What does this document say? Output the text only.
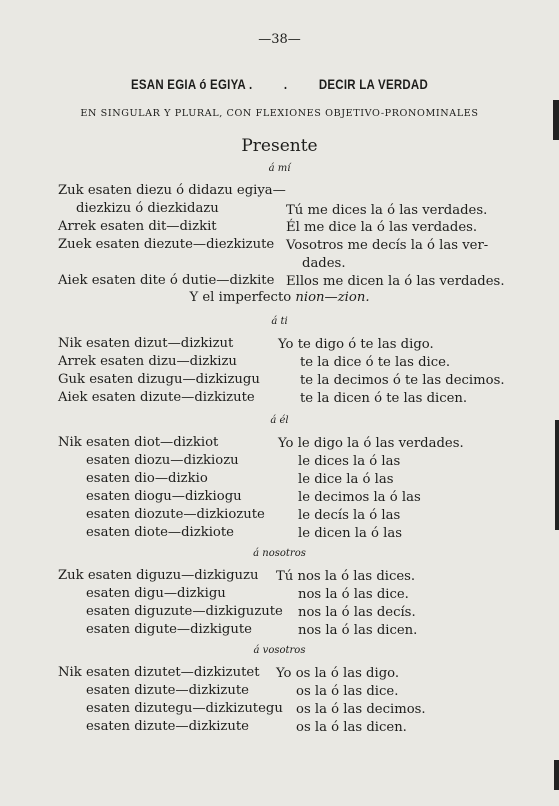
—38—
ESAN EGIA ó EGIYA . . DECIR LA VERDAD
EN SINGULAR Y PLURAL, CON FLEXIONES OBJETIVO-PRONOMINALES
Presente
á mí
Zuk esaten diezu ó didazu egiya—
diezkizu ó diezkidazu
Arrek esaten dit—dizkit
Zuek esaten diezute—diezkizute
Aiek esaten dite ó dutie—dizkite
Tú me dices la ó las verdades.
Él me dice la ó las verdades.
Vosotros me decís la ó las ver-
dades.
Ellos me dicen la ó las verdades.
Y el imperfecto nion—zion.
á ti
Nik esaten dizut—dizkizut
Arrek esaten dizu—dizkizu
Guk esaten dizugu—dizkizugu
Aiek esaten dizute—dizkizute
Yo te digo ó te las digo.
te la dice ó te las dice.
te la decimos ó te las decimos.
te la dicen ó te las dicen.
á él
Nik esaten diot—dizkiot
esaten diozu—dizkiozu
esaten dio—dizkio
esaten diogu—dizkiogu
esaten diozute—dizkiozute
esaten diote—dizkiote
Yo le digo la ó las verdades.
le dices la ó las
le dice la ó las
le decimos la ó las
le decís la ó las
le dicen la ó las
á nosotros
Zuk esaten diguzu—dizkiguzu
esaten digu—dizkigu
esaten diguzute—dizkiguzute
esaten digute—dizkigute
Tú nos la ó las dices.
nos la ó las dice.
nos la ó las decís.
nos la ó las dicen.
á vosotros
Nik esaten dizutet—dizkizutet
esaten dizute—dizkizute
esaten dizutegu—dizkizutegu
esaten dizute—dizkizute
Yo os la ó las digo.
os la ó las dice.
os la ó las decimos.
os la ó las dicen.
